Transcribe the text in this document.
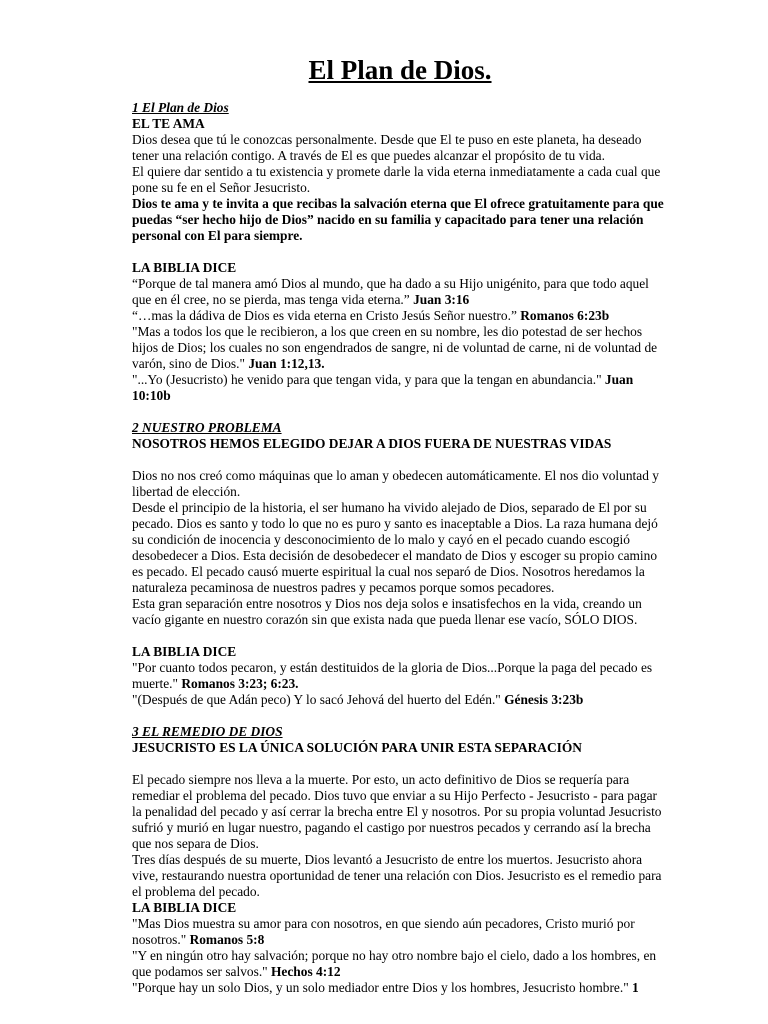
El Plan de Dios.
1 El Plan de Dios
EL TE AMA

Dios desea que tú le conozcas personalmente. Desde que El te puso en este planeta, ha deseado tener una relación contigo. A través de El es que puedes alcanzar el propósito de tu vida.

El quiere dar sentido a tu existencia y promete darle la vida eterna inmediatamente a cada cual que pone su fe en el Señor Jesucristo.

Dios te ama y te invita a que recibas la salvación eterna que El ofrece gratuitamente para que puedas “ser hecho hijo de Dios” nacido en su familia y capacitado para tener una relación personal con El para siempre.

LA BIBLIA DICE

“Porque de tal manera amó Dios al mundo, que ha dado a su Hijo unigénito, para que todo aquel que en él cree, no se pierda, mas tenga vida eterna.” Juan 3:16

“…mas la dádiva de Dios es vida eterna en Cristo Jesús Señor nuestro.” Romanos 6:23b

"Mas a todos los que le recibieron, a los que creen en su nombre, les dio potestad de ser hechos hijos de Dios; los cuales no son engendrados de sangre, ni de voluntad de carne, ni de voluntad de varón, sino de Dios." Juan 1:12,13.

"...Yo (Jesucristo) he venido para que tengan vida, y para que la tengan en abundancia." Juan 10:10b

2 NUESTRO PROBLEMA
NOSOTROS HEMOS ELEGIDO DEJAR A DIOS FUERA DE NUESTRAS VIDAS

Dios no nos creó como máquinas que lo aman y obedecen automáticamente. El nos dio voluntad y libertad de elección.

Desde el principio de la historia, el ser humano ha vivido alejado de Dios, separado de El por su pecado. Dios es santo y todo lo que no es puro y santo es inaceptable a Dios. La raza humana dejó su condición de inocencia y desconocimiento de lo malo y cayó en el pecado cuando escogió desobedecer a Dios. Esta decisión de desobedecer el mandato de Dios y escoger su propio camino es pecado. El pecado causó muerte espiritual la cual nos separó de Dios. Nosotros heredamos la naturaleza pecaminosa de nuestros padres y pecamos porque somos pecadores.

Esta gran separación entre nosotros y Dios nos deja solos e insatisfechos en la vida, creando un vacío gigante en nuestro corazón sin que exista nada que pueda llenar ese vacío, SÓLO DIOS.

LA BIBLIA DICE

"Por cuanto todos pecaron, y están destituidos de la gloria de Dios...Porque la paga del pecado es muerte." Romanos 3:23; 6:23.

"(Después de que Adán peco) Y lo sacó Jehová del huerto del Edén." Génesis 3:23b

3 EL REMEDIO DE DIOS
JESUCRISTO ES LA ÚNICA SOLUCIÓN PARA UNIR ESTA SEPARACIÓN

El pecado siempre nos lleva a la muerte. Por esto, un acto definitivo de Dios se requería para remediar el problema del pecado. Dios tuvo que enviar a su Hijo Perfecto - Jesucristo - para pagar la penalidad del pecado y así cerrar la brecha entre El y nosotros. Por su propia voluntad Jesucristo sufrió y murió en lugar nuestro, pagando el castigo por nuestros pecados y cerrando así la brecha que nos separa de Dios.

Tres días después de su muerte, Dios levantó a Jesucristo de entre los muertos. Jesucristo ahora vive, restaurando nuestra oportunidad de tener una relación con Dios. Jesucristo es el remedio para el problema del pecado.

LA BIBLIA DICE

"Mas Dios muestra su amor para con nosotros, en que siendo aún pecadores, Cristo murió por nosotros." Romanos 5:8

"Y en ningún otro hay salvación; porque no hay otro nombre bajo el cielo, dado a los hombres, en que podamos ser salvos." Hechos 4:12

"Porque hay un solo Dios, y un solo mediador entre Dios y los hombres, Jesucristo hombre." 1
